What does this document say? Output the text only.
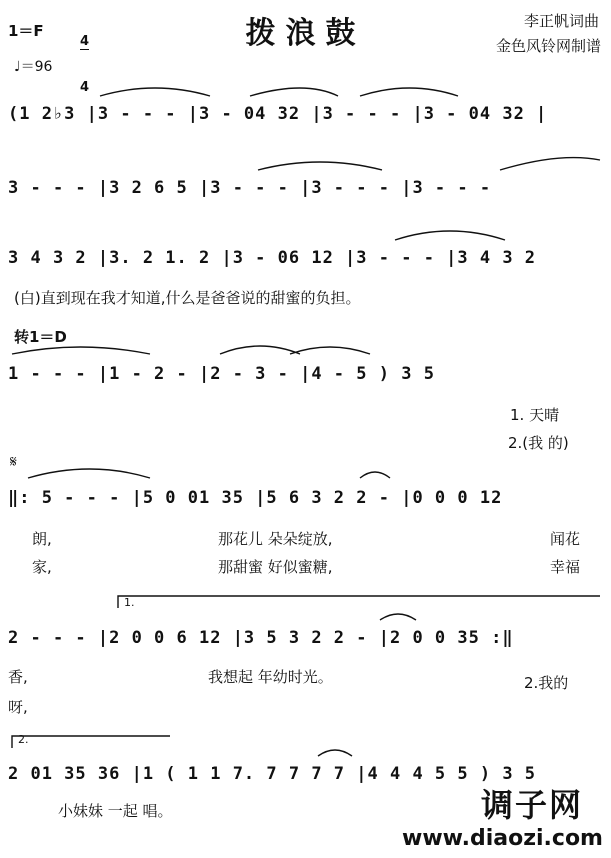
拨浪鼓
1＝F

	$\frac{4}{4}$	李正帆词曲
金色风铃网制谱
♩＝96
(1 2♭3 |3 - - - |3 - 04 32 |3 - - - |3 - 04 32 |
3 - - - |3 2 6 5 |3 - - - |3 - - - |3 - - -
3 4 3 2 |3. 2 1. 2 |3 - 06 12 |3 - - - |3 4 3 2
(白)直到现在我才知道,什么是爸爸说的甜蜜的负担。
转1＝D
1 - - - |1 - 2 - |2 - 3 - |4 - 5 ) 3 5
1. 天晴
2.(我 的)
𝄋
‖: 5 - - - |5 0 01 35 |5 6 3 2 2 - |0 0 0 12
朗,	那花儿 朵朵绽放,	闻花
家,	那甜蜜 好似蜜糖,	幸福
1.
2 - - - |2 0 0 6 12 |3 5 3 2 2 - |2 0 0 35 :‖
香,	我想起 年幼时光。	2.我的
呀,
2.
2 01 35 36 |1 ( 1 1 7. 7 7 7 7 |4 4 4 5 5 ) 3 5
小妹妹 一起 唱。	调子网
www.diaozi.com
